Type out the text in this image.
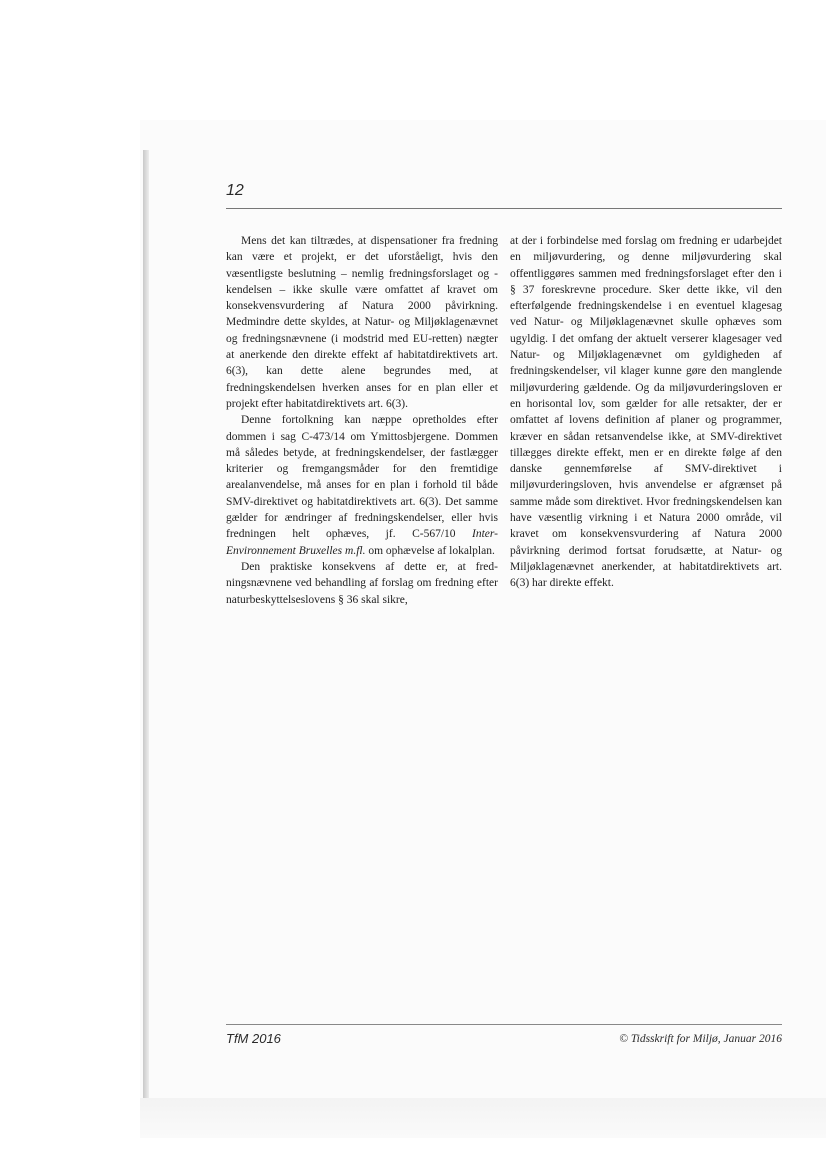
12

Mens det kan tiltrædes, at dispensationer fra fredning kan være et projekt, er det uforståeligt, hvis den væsentligste beslutning – nemlig fredningsforslaget og -kendelsen – ikke skulle være omfattet af kravet om konsekvensvurdering af Natura 2000 påvirkning. Medmindre dette skyldes, at Natur- og Miljøklagenævnet og fredningsnævnene (i modstrid med EU-retten) nægter at anerkende den direkte effekt af habitatdirektivets art. 6(3), kan dette alene begrundes med, at fredningskendelsen hverken anses for en plan eller et projekt efter habitatdirektivets art. 6(3).

Denne fortolkning kan næppe opretholdes efter dommen i sag C-473/14 om Ymittosbjergene. Dommen må således betyde, at fredningskendelser, der fastlægger kriterier og fremgangsmåder for den fremtidige arealanvendelse, må anses for en plan i forhold til både SMV-direktivet og habitatdirektivets art. 6(3). Det samme gælder for ændringer af fredningskendelser, eller hvis fredningen helt ophæves, jf. C-567/10 Inter-Environnement Bruxelles m.fl. om ophævelse af lokalplan.

Den praktiske konsekvens af dette er, at fredningsnævnene ved behandling af forslag om fredning efter naturbeskyttelseslovens § 36 skal sikre,

at der i forbindelse med forslag om fredning er udarbejdet en miljøvurdering, og denne miljøvurdering skal offentliggøres sammen med fredningsforslaget efter den i § 37 foreskrevne procedure. Sker dette ikke, vil den efterfølgende fredningskendelse i en eventuel klagesag ved Natur- og Miljøklagenævnet skulle ophæves som ugyldig. I det omfang der aktuelt verserer klagesager ved Natur- og Miljøklagenævnet om gyldigheden af fredningskendelser, vil klager kunne gøre den manglende miljøvurdering gældende. Og da miljøvurderingsloven er en horisontal lov, som gælder for alle retsakter, der er omfattet af lovens definition af planer og programmer, kræver en sådan retsanvendelse ikke, at SMV-direktivet tillægges direkte effekt, men er en direkte følge af den danske gennemførelse af SMV-direktivet i miljøvurderingsloven, hvis anvendelse er afgrænset på samme måde som direktivet. Hvor fredningskendelsen kan have væsentlig virkning i et Natura 2000 område, vil kravet om konsekvensvurdering af Natura 2000 påvirkning derimod fortsat forudsætte, at Natur- og Miljøklagenævnet anerkender, at habitatdirektivets art. 6(3) har direkte effekt.

TfM 2016	© Tidsskrift for Miljø, Januar 2016
